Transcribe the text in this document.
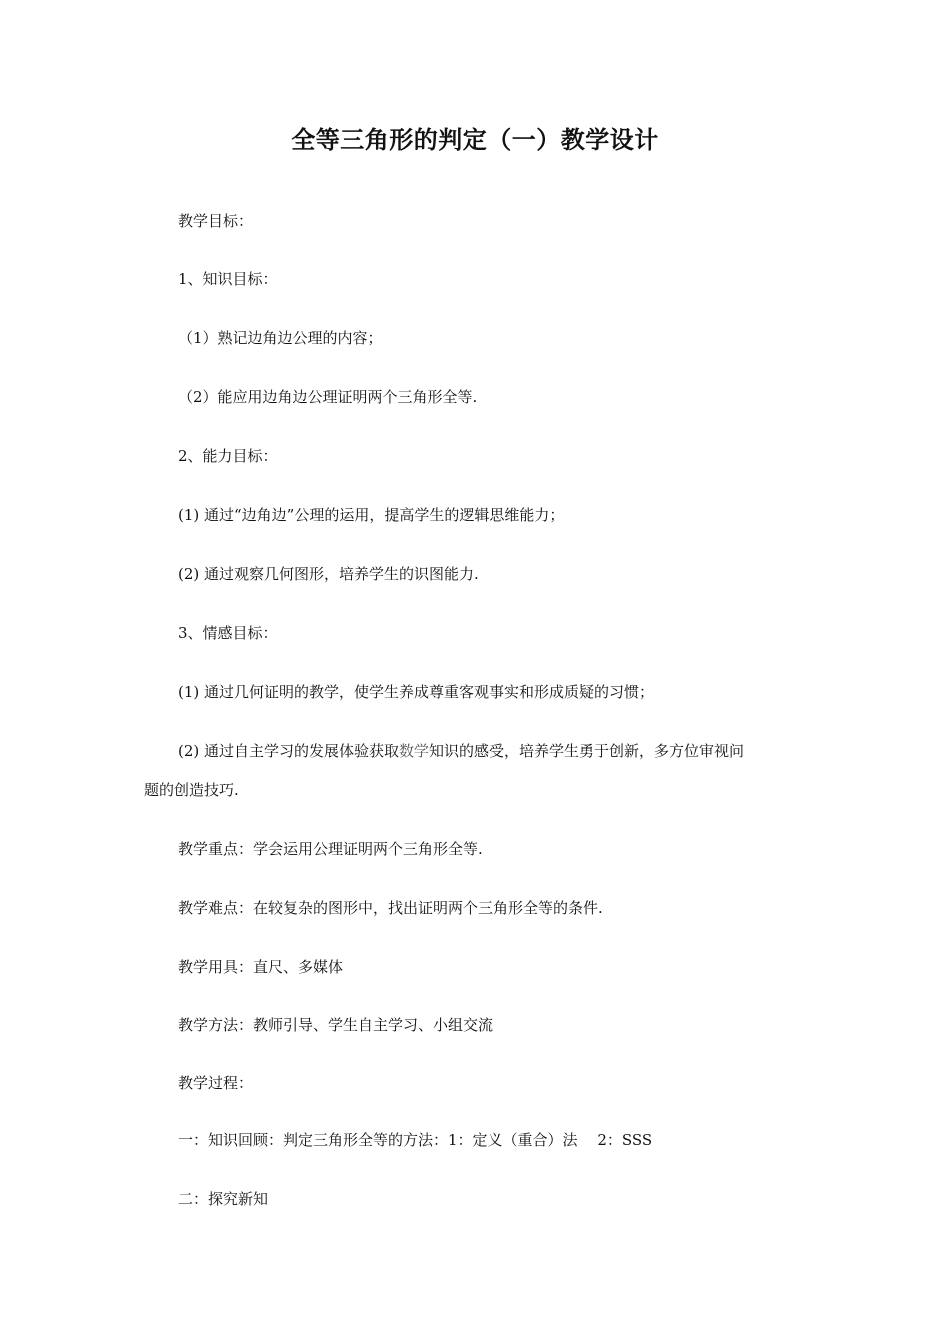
全等三角形的判定（一）教学设计
教学目标：
1、知识目标：
（1）熟记边角边公理的内容；
（2）能应用边角边公理证明两个三角形全等.
2、能力目标：
(1) 通过“边角边”公理的运用，提高学生的逻辑思维能力；
(2) 通过观察几何图形，培养学生的识图能力.
3、情感目标：
(1) 通过几何证明的教学，使学生养成尊重客观事实和形成质疑的习惯；
(2) 通过自主学习的发展体验获取数学知识的感受，培养学生勇于创新，多方位审视问
题的创造技巧.
教学重点：学会运用公理证明两个三角形全等.
教学难点：在较复杂的图形中，找出证明两个三角形全等的条件.
教学用具：直尺、多媒体
教学方法：教师引导、学生自主学习、小组交流
教学过程：
一：知识回顾：判定三角形全等的方法：1：定义（重合）法　 2：SSS
二：探究新知
